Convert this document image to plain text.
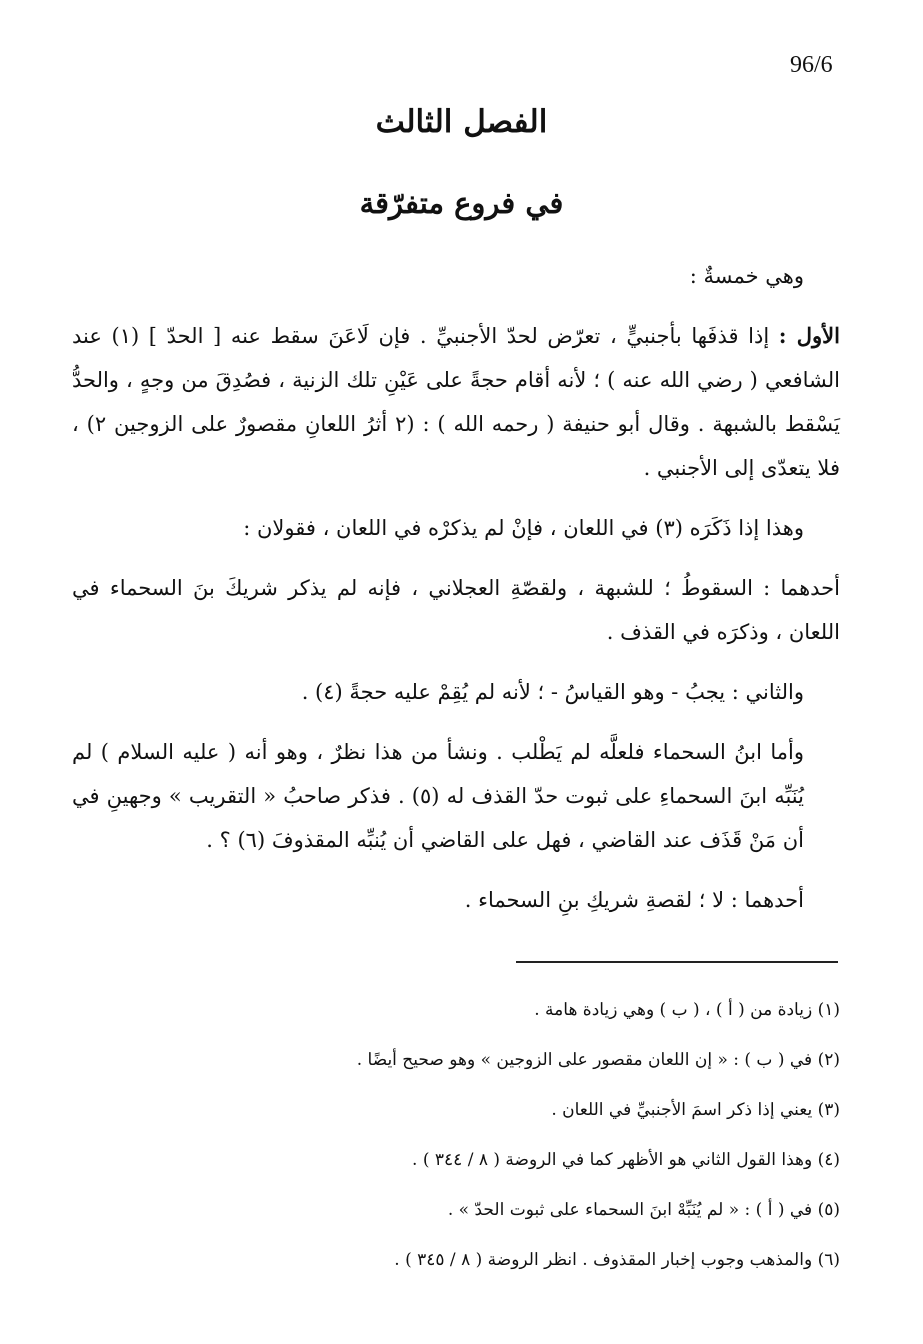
96/6
الفصل الثالث
في فروع متفرّقة

وهي خمسةٌ :

الأول : إذا قذفَها بأجنبيٍّ ، تعرّض لحدّ الأجنبيِّ . فإن لَاعَنَ سقط عنه [ الحدّ ] (١) عند الشافعي ( رضي الله عنه ) ؛ لأنه أقام حجةً على عَيْنِ تلك الزنية ، فصُدِقَ من وجهٍ ، والحدُّ يَسْقط بالشبهة . وقال أبو حنيفة ( رحمه الله ) : (٢ أثرُ اللعانِ مقصورٌ على الزوجين ٢) ، فلا يتعدّى إلى الأجنبي .

وهذا إذا ذَكَرَه (٣) في اللعان ، فإنْ لم يذكرْه في اللعان ، فقولان :

أحدهما : السقوطُ ؛ للشبهة ، ولقصّةِ العجلاني ، فإنه لم يذكر شريكَ بنَ السحماء في اللعان ، وذكرَه في القذف .

والثاني : يجبُ - وهو القياسُ - ؛ لأنه لم يُقِمْ عليه حجةً (٤) .

وأما ابنُ السحماء فلعلَّه لم يَطْلب . ونشأ من هذا نظرٌ ، وهو أنه ( عليه السلام ) لم يُنَبِّه ابنَ السحماءِ على ثبوت حدّ القذف له (٥) . فذكر صاحبُ « التقريب » وجهينِ في أن مَنْ قَذَف عند القاضي ، فهل على القاضي أن يُنبِّه المقذوفَ (٦) ؟ .

أحدهما : لا ؛ لقصةِ شريكِ بنِ السحماء .

(١) زيادة من ( أ ) ، ( ب ) وهي زيادة هامة .
(٢) في ( ب ) : « إن اللعان مقصور على الزوجين » وهو صحيح أيضًا .
(٣) يعني إذا ذكر اسمَ الأجنبيِّ في اللعان .
(٤) وهذا القول الثاني هو الأظهر كما في الروضة ( ٨ / ٣٤٤ ) .
(٥) في ( أ ) : « لم يُنَبِّهْ ابنَ السحماء على ثبوت الحدّ » .
(٦) والمذهب وجوب إخبار المقذوف . انظر الروضة ( ٨ / ٣٤٥ ) .
